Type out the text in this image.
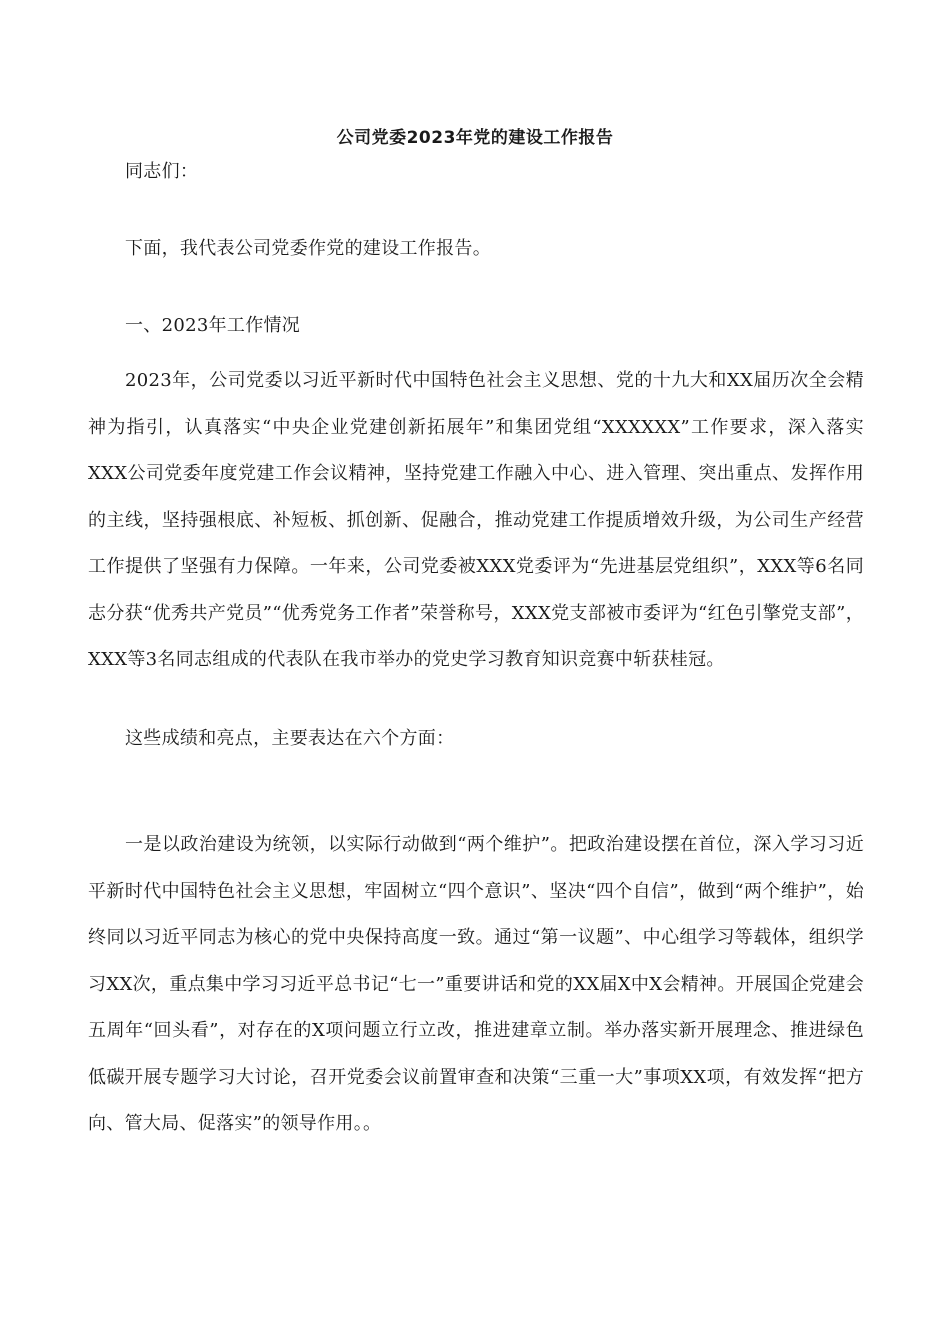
公司党委2023年党的建设工作报告
同志们：
下面，我代表公司党委作党的建设工作报告。
一、2023年工作情况
2023年，公司党委以习近平新时代中国特色社会主义思想、党的十九大和XX届历次全会精神为指引，认真落实“中央企业党建创新拓展年”和集团党组“XXXXXX”工作要求，深入落实XXX公司党委年度党建工作会议精神，坚持党建工作融入中心、进入管理、突出重点、发挥作用的主线，坚持强根底、补短板、抓创新、促融合，推动党建工作提质增效升级，为公司生产经营工作提供了坚强有力保障。一年来，公司党委被XXX党委评为“先进基层党组织”，XXX等6名同志分获“优秀共产党员”“优秀党务工作者”荣誉称号，XXX党支部被市委评为“红色引擎党支部”，XXX等3名同志组成的代表队在我市举办的党史学习教育知识竞赛中斩获桂冠。
这些成绩和亮点，主要表达在六个方面：
一是以政治建设为统领，以实际行动做到“两个维护”。把政治建设摆在首位，深入学习习近平新时代中国特色社会主义思想，牢固树立“四个意识”、坚决“四个自信”，做到“两个维护”，始终同以习近平同志为核心的党中央保持高度一致。通过“第一议题”、中心组学习等载体，组织学习XX次，重点集中学习习近平总书记“七一”重要讲话和党的XX届X中X会精神。开展国企党建会五周年“回头看”，对存在的X项问题立行立改，推进建章立制。举办落实新开展理念、推进绿色低碳开展专题学习大讨论，召开党委会议前置审查和决策“三重一大”事项XX项，有效发挥“把方向、管大局、促落实”的领导作用。。
